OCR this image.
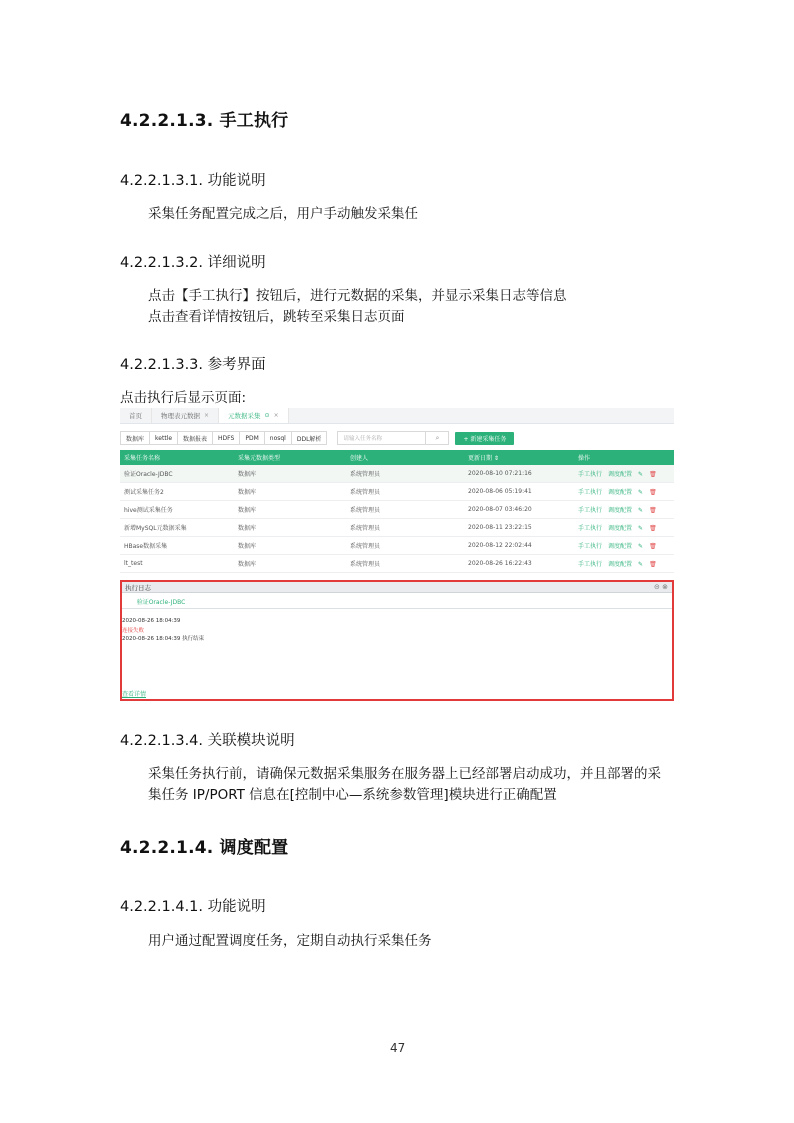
4.2.2.1.3. 手工执行
4.2.2.1.3.1. 功能说明
采集任务配置完成之后，用户手动触发采集任
4.2.2.1.3.2. 详细说明
点击【手工执行】按钮后，进行元数据的采集，并显示采集日志等信息
点击查看详情按钮后，跳转至采集日志页面
4.2.2.1.3.3. 参考界面
点击执行后显示页面:
首页	物理表元数据 ×	元数据采集 ⊙ ×
数据库	kettle	数据报表	HDFS	PDM	nosql	DDL解析	请输入任务名称	⌕	+ 新建采集任务
采集任务名称	采集元数据类型	创建人	更新日期 ⇕	操作
验证Oracle-JDBC	数据库	系统管理员	2020-08-10 07:21:16	手工执行 调度配置 ✎ 🗑
测试采集任务2	数据库	系统管理员	2020-08-06 05:19:41	手工执行 调度配置 ✎ 🗑
hive测试采集任务	数据库	系统管理员	2020-08-07 03:46:20	手工执行 调度配置 ✎ 🗑
新增MySQL元数据采集	数据库	系统管理员	2020-08-11 23:22:15	手工执行 调度配置 ✎ 🗑
HBase数据采集	数据库	系统管理员	2020-08-12 22:02:44	手工执行 调度配置 ✎ 🗑
lt_test	数据库	系统管理员	2020-08-26 16:22:43	手工执行 调度配置 ✎ 🗑
执行日志	⊝ ⊗
验证Oracle-JDBC
2020-08-26 18:04:39
连接失败
2020-08-26 18:04:39 执行结束
查看详情
4.2.2.1.3.4. 关联模块说明
采集任务执行前，请确保元数据采集服务在服务器上已经部署启动成功，并且部署的采
集任务 IP/PORT 信息在[控制中心—系统参数管理]模块进行正确配置
4.2.2.1.4. 调度配置
4.2.2.1.4.1. 功能说明
用户通过配置调度任务，定期自动执行采集任务
47
